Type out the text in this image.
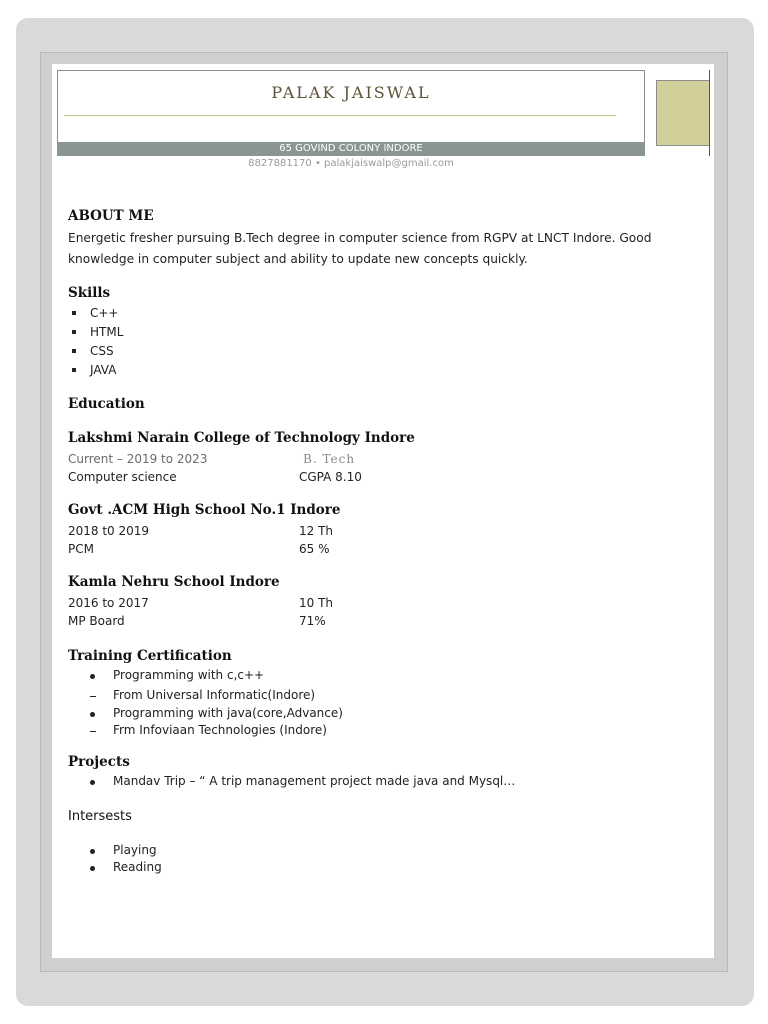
PALAK JAISWAL
65 GOVIND COLONY INDORE
8827881170 • palakjaiswalp@gmail.com
ABOUT ME
Energetic fresher pursuing B.Tech degree in computer science from RGPV at LNCT Indore. Good
knowledge in computer subject and ability to update new concepts quickly.
Skills
C++
HTML
CSS
JAVA
Education
Lakshmi Narain College of Technology Indore
Current – 2019 to 2023	B. Tech
Computer science	CGPA 8.10
Govt .ACM High School No.1 Indore
2018 t0 2019	12 Th
PCM	65 %
Kamla Nehru School Indore
2016 to 2017	10 Th
MP Board	71%
Training Certification
Programming with c,c++
From Universal Informatic(Indore)
Programming with java(core,Advance)
Frm Infoviaan Technologies (Indore)
Projects
Mandav Trip – “ A trip management project made java and Mysql…
Intersests
Playing
Reading
